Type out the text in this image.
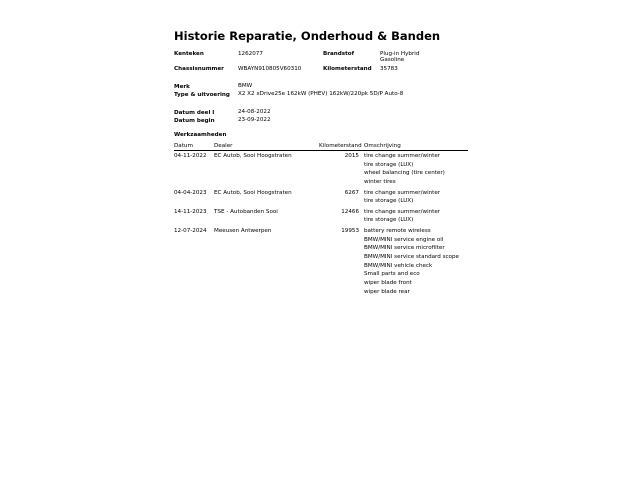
Historie Reparatie, Onderhoud & Banden
Kenteken	1262077	Brandstof	Plug-in Hybrid
Gasoline
Chassisnummer	WBAYN910805V60310	Kilometerstand 35783
Merk	BMW
Type & uitvoering X2 X2 xDrive25e 162kW (PHEV) 162kW/220pk 5D/P Auto-8
Datum deel I	24-08-2022
Datum begin	23-09-2022
Werkzaamheden
Datum	Dealer	Kilometerstand Omschrijving
04-11-2022 EC Autob, Sooi Hoogstraten	2015 tire change summer/winter
tire storage (LUX)
wheel balancing (tire center)
winter tires
04-04-2023 EC Autob, Sooi Hoogstraten	6267 tire change summer/winter
tire storage (LUX)
14-11-2023 TSE - Autobanden Sooi	12466 tire change summer/winter
tire storage (LUX)
12-07-2024 Meeusen Antwerpen	19953 battery remote wireless
BMW/MINI service engine oil
BMW/MINI service microfilter
BMW/MINI service standard scope
BMW/MINI vehicle check
Small parts and eco
wiper blade front
wiper blade rear
